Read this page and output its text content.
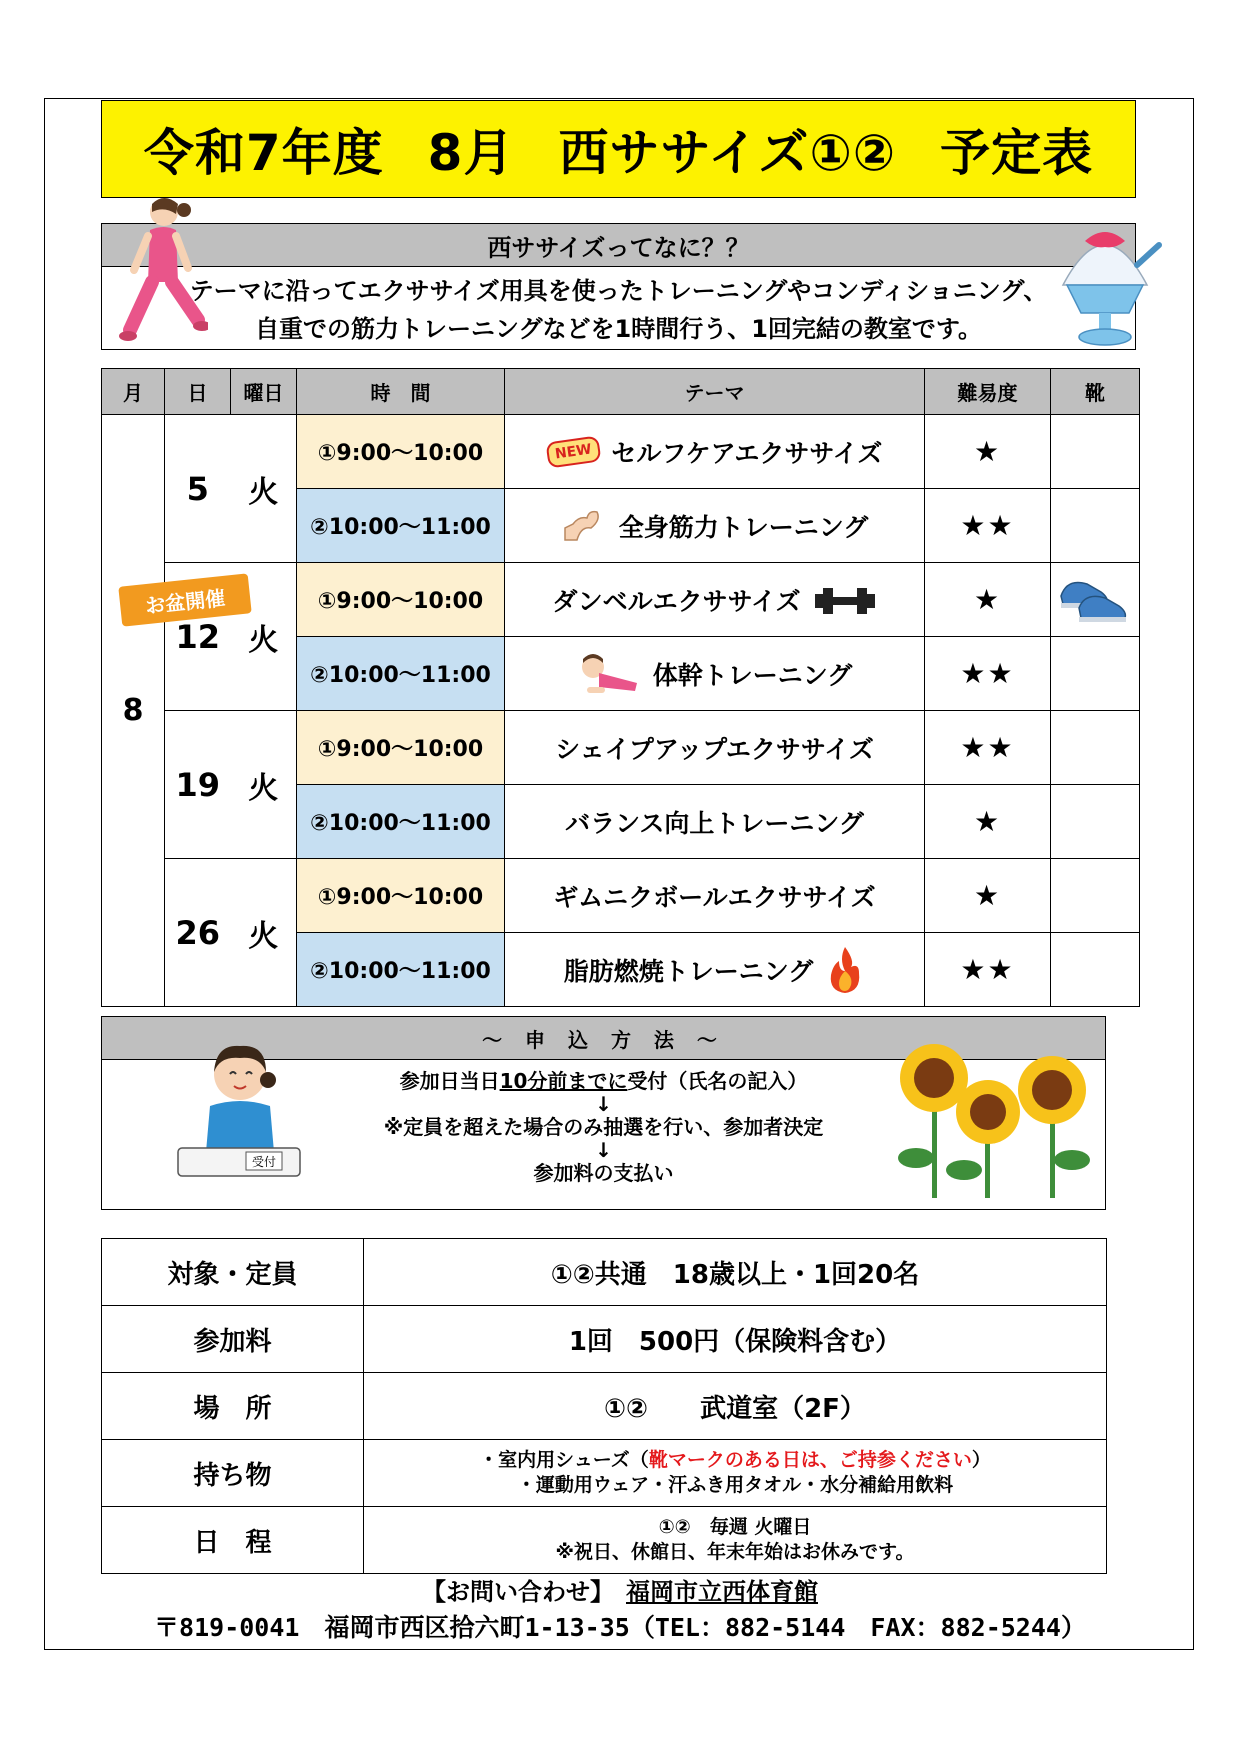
令和7年度 8月 西ササイズ①② 予定表
西ササイズってなに？？
テーマに沿ってエクササイズ用具を使ったトレーニングやコンディショニング、
自重での筋力トレーニングなどを1時間行う、1回完結の教室です。
月	日	曜日	時　間	テーマ	難易度	靴
8	5	火	①9:00～10:00	NEW セルフケアエクササイズ	★	
			②10:00～11:00	全身筋力トレーニング	★★	
	12	火	①9:00～10:00	ダンベルエクササイズ	★	
			②10:00～11:00	体幹トレーニング	★★	
	19	火	①9:00～10:00	シェイプアップエクササイズ	★★	
			②10:00～11:00	バランス向上トレーニング	★	
	26	火	①9:00～10:00	ギムニクボールエクササイズ	★	
			②10:00～11:00	脂肪燃焼トレーニング	★★	
お盆開催
～ 申 込 方 法 ～
参加日当日10分前までに受付（氏名の記入）
↓
※定員を超えた場合のみ抽選を行い、参加者決定
↓
参加料の支払い
受付
対象・定員	①②共通　18歳以上・1回20名
参加料	1回　500円（保険料含む）
場　所	①②　　武道室（2F）
持ち物	・室内用シューズ（靴マークのある日は、ご持参ください）
・運動用ウェア・汗ふき用タオル・水分補給用飲料

日　程	①②　毎週 火曜日
※祝日、休館日、年末年始はお休みです。
【お問い合わせ】　 福岡市立西体育館
〒819-0041　福岡市西区拾六町1-13-35（TEL：882-5144　FAX：882-5244）
